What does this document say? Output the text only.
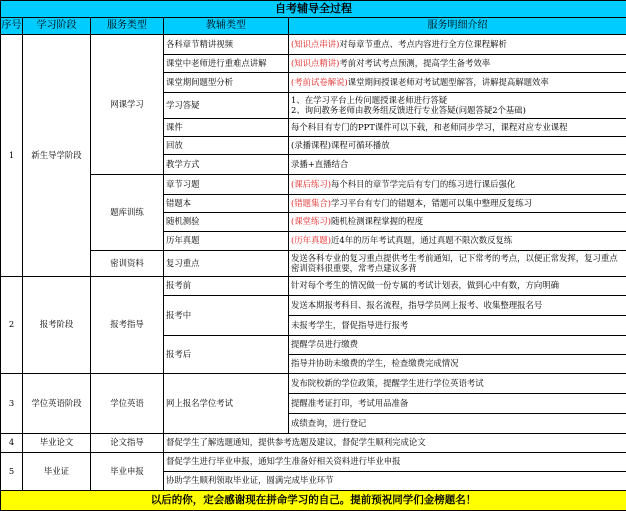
自考辅导全过程				
序号	学习阶段	服务类型	教辅类型	服务明细介绍
1	新生导学阶段	网课学习	各科章节精讲视频	(知识点串讲)对每章节重点、考点内容进行全方位课程解析
			课堂中老师进行重难点讲解	(知识点精讲)考前对考试考点预测，提高学生备考效率
			课堂期间题型分析	(考前试卷解说)课堂期间授课老师对考试题型解答，讲解提高解题效率
			学习答疑	1、在学习平台上传问题授课老师进行答疑
2、询问教务老师由教务组反馈进行专业答疑(问题答疑2个基础)

			课件	每个科目有专门的PPT课件可以下载，和老师同步学习，课程对应专业课程
			回放	(录播课程)课程可循环播放
			教学方式	录播+直播结合
		题库训练	章节习题	(课后练习)每个科目的章节学完后有专门的练习进行课后强化
			错题本	(错题集合)学习平台有专门的错题本，错题可以集中整理反复练习
			随机测验	(课堂练习)随机检测课程掌握的程度
			历年真题	(历年真题)近4年的历年考试真题，通过真题不限次数反复练
		密训资料	复习重点	发送各科专业的复习重点提供考生考前通知，记下常考的考点，以便正常发挥，复习重点密训资料很重要，常考点建议多背
2	报考阶段	报考指导	报考前	针对每个考生的情况做一份专属的考试计划表，做到心中有数，方向明确
			报考中	发送本期报考科目、报名流程，指导学员网上报考、收集整理报名号
				未报考学生，督促指导进行报考
			报考后	提醒学员进行缴费
				指导并协助未缴费的学生，检查缴费完成情况
3	学位英语阶段	学位英语	网上报名学位考试	发布院校新的学位政策，提醒学生进行学位英语考试
				提醒准考证打印，考试用品准备
				成绩查询，进行登记
4	毕业论文	论文指导	督促学生了解选题通知，提供参考选题及建议，督促学生顺利完成论文	
5	毕业证	毕业申报	督促学生进行毕业申报，通知学生准备好相关资料进行毕业申报	
			协助学生顺利领取毕业证，圆满完成毕业环节	
以后的你，定会感谢现在拼命学习的自己。提前预祝同学们金榜题名！				
